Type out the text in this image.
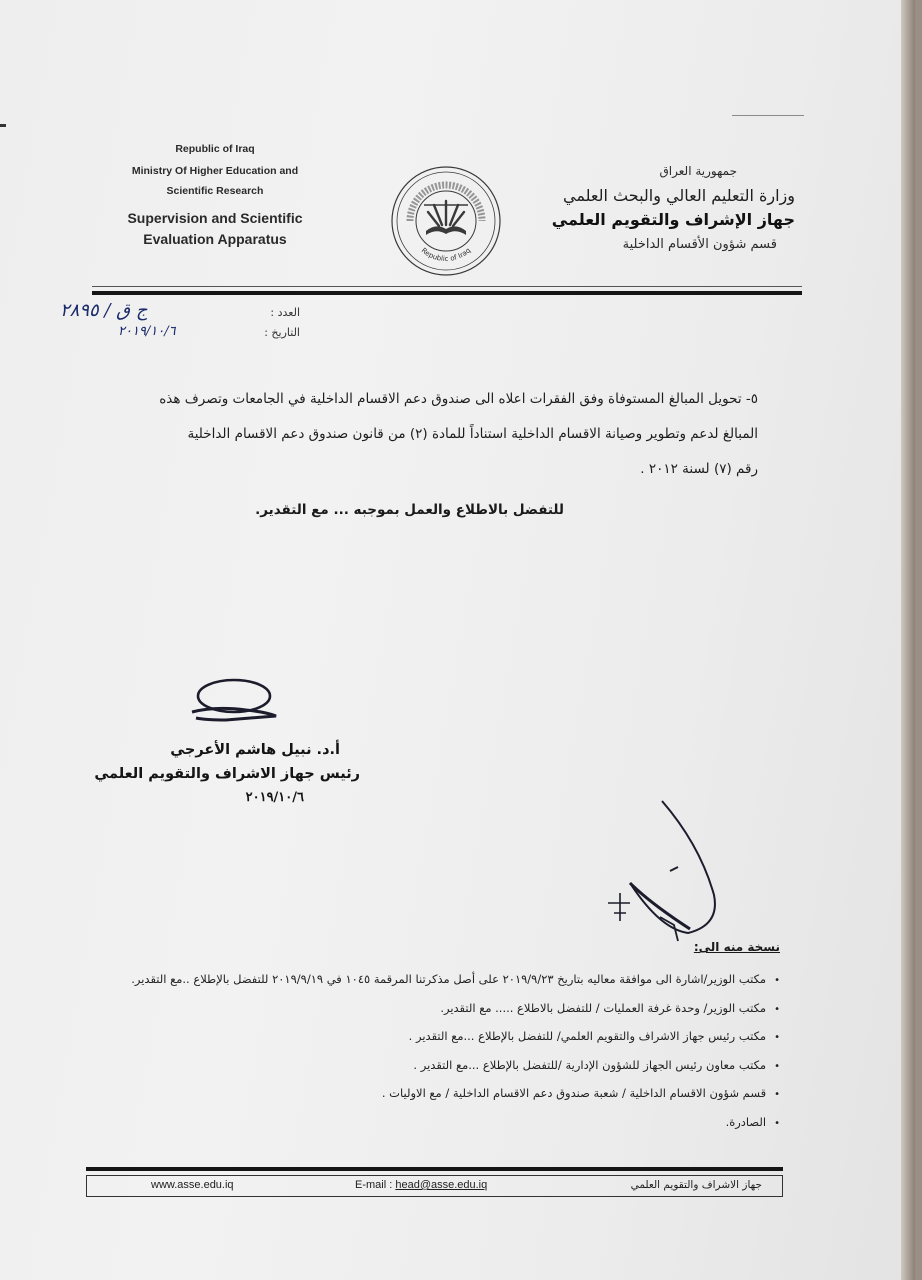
Republic of Iraq
Ministry Of Higher Education and
Scientific Research
Supervision and Scientific
Evaluation Apparatus
Republic of Iraq
جمهورية العراق
وزارة التعليم العالي والبحث العلمي
جهاز الإشراف والتقويم العلمي
قسم شؤون الأقسام الداخلية
العدد :
التاريخ :
ج ق / ٢٨٩٥
٢٠١٩/١٠/٦
٥- تحويل المبالغ المستوفاة وفق الفقرات اعلاه الى صندوق دعم الاقسام الداخلية في الجامعات وتصرف هذه
المبالغ لدعم وتطوير وصيانة الاقسام الداخلية استناداً للمادة (٢) من قانون صندوق دعم الاقسام الداخلية
رقم (٧) لسنة ٢٠١٢ .
للتفضل بالاطلاع والعمل بموجبه ... مع التقدير.
أ.د. نبيل هاشم الأعرجي
رئيس جهاز الاشراف والتقويم العلمي
٢٠١٩/١٠/٦
نسخة منه الى:
• مكتب الوزير/اشارة الى موافقة معاليه بتاريخ ٢٠١٩/٩/٢٣ على أصل مذكرتنا المرقمة ١٠٤٥ في ٢٠١٩/٩/١٩ للتفضل بالإطلاع ..مع التقدير.
• مكتب الوزير/ وحدة غرفة العمليات / للتفضل بالاطلاع ..... مع التقدير.
• مكتب رئيس جهاز الاشراف والتقويم العلمي/ للتفضل بالإطلاع ...مع التقدير .
• مكتب معاون رئيس الجهاز للشؤون الإدارية /للتفضل بالإطلاع ...مع التقدير .
• قسم شؤون الاقسام الداخلية / شعبة صندوق دعم الاقسام الداخلية / مع الاوليات .
• الصادرة.
www.asse.edu.iq	E-mail : head@asse.edu.iq	جهاز الاشراف والتقويم العلمي
